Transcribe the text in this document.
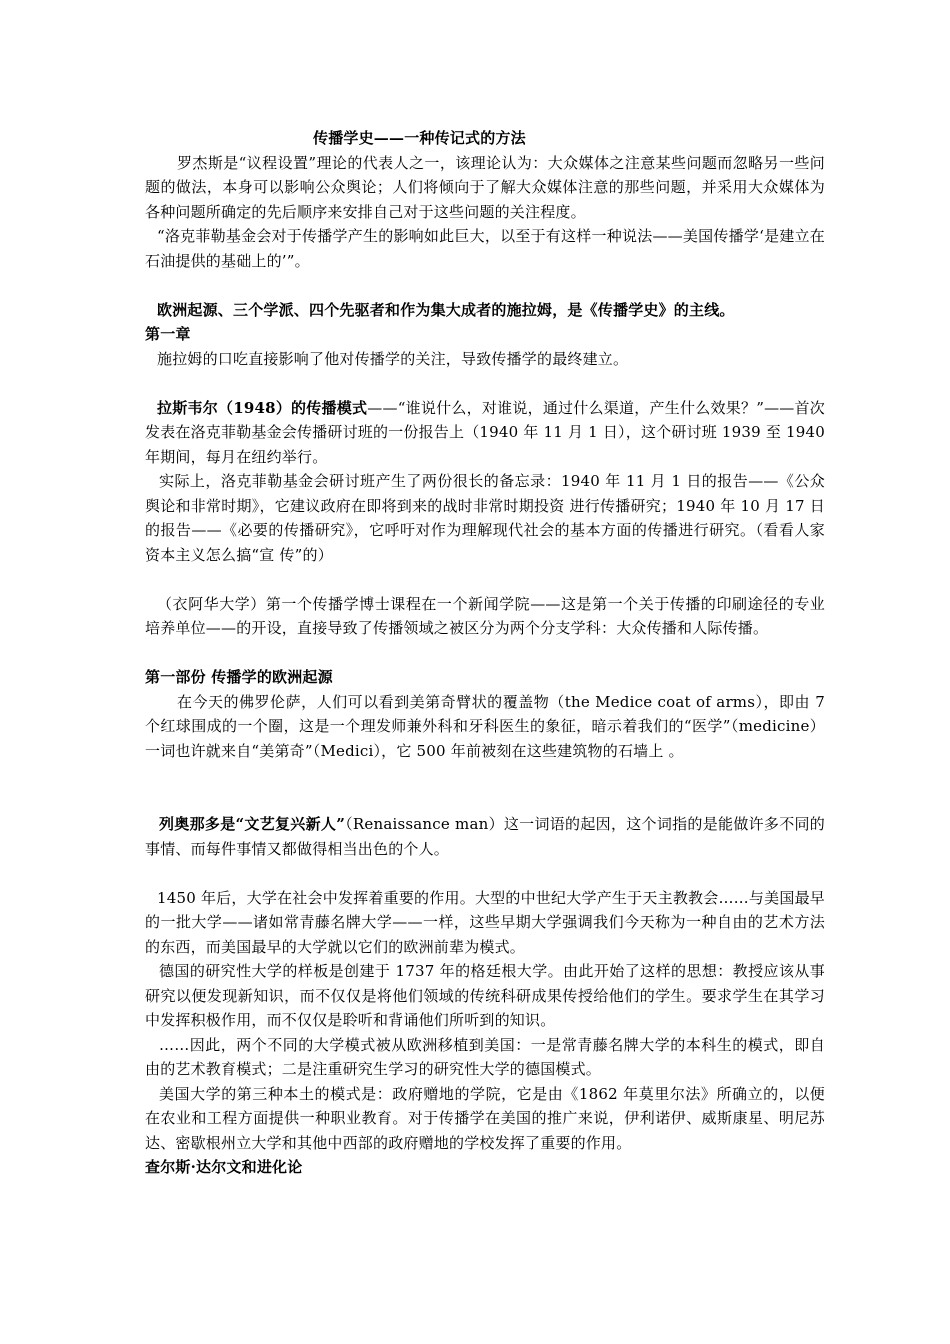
传播学史——一种传记式的方法

罗杰斯是“议程设置”理论的代表人之一，该理论认为：大众媒体之注意某些问题而忽略另一些问题的做法，本身可以影响公众舆论；人们将倾向于了解大众媒体注意的那些问题，并采用大众媒体为各种问题所确定的先后顺序来安排自己对于这些问题的关注程度。

“洛克菲勒基金会对于传播学产生的影响如此巨大，以至于有这样一种说法——美国传播学‘是建立在石油提供的基础上的’”。

欧洲起源、三个学派、四个先驱者和作为集大成者的施拉姆，是《传播学史》的主线。

第一章

施拉姆的口吃直接影响了他对传播学的关注，导致传播学的最终建立。

拉斯韦尔（1948）的传播模式——“谁说什么，对谁说，通过什么渠道，产生什么效果？”——首次发表在洛克菲勒基金会传播研讨班的一份报告上（1940 年 11 月 1 日），这个研讨班 1939 至 1940 年期间，每月在纽约举行。

实际上，洛克菲勒基金会研讨班产生了两份很长的备忘录：1940 年 11 月 1 日的报告——《公众舆论和非常时期》，它建议政府在即将到来的战时非常时期投资 进行传播研究；1940 年 10 月 17 日的报告——《必要的传播研究》，它呼吁对作为理解现代社会的基本方面的传播进行研究。（看看人家资本主义怎么搞“宣 传”的）

（衣阿华大学）第一个传播学博士课程在一个新闻学院——这是第一个关于传播的印刷途径的专业培养单位——的开设，直接导致了传播领域之被区分为两个分支学科：大众传播和人际传播。

第一部份 传播学的欧洲起源

在今天的佛罗伦萨，人们可以看到美第奇臂状的覆盖物（the Medice coat of arms），即由 7 个红球围成的一个圈，这是一个理发师兼外科和牙科医生的象征，暗示着我们的“医学”（medicine）一词也许就来自“美第奇”（Medici），它 500 年前被刻在这些建筑物的石墙上 。

列奥那多是“文艺复兴新人”（Renaissance man）这一词语的起因，这个词指的是能做许多不同的事情、而每件事情又都做得相当出色的个人。

1450 年后，大学在社会中发挥着重要的作用。大型的中世纪大学产生于天主教教会……与美国最早的一批大学——诸如常青藤名牌大学——一样，这些早期大学强调我们今天称为一种自由的艺术方法的东西，而美国最早的大学就以它们的欧洲前辈为模式。

德国的研究性大学的样板是创建于 1737 年的格廷根大学。由此开始了这样的思想：教授应该从事研究以便发现新知识，而不仅仅是将他们领域的传统科研成果传授给他们的学生。要求学生在其学习中发挥积极作用，而不仅仅是聆听和背诵他们所听到的知识。

……因此，两个不同的大学模式被从欧洲移植到美国：一是常青藤名牌大学的本科生的模式，即自由的艺术教育模式；二是注重研究生学习的研究性大学的德国模式。

美国大学的第三种本土的模式是：政府赠地的学院，它是由《1862 年莫里尔法》所确立的，以便在农业和工程方面提供一种职业教育。对于传播学在美国的推广来说，伊利诺伊、威斯康星、明尼苏达、密歇根州立大学和其他中西部的政府赠地的学校发挥了重要的作用。

查尔斯·达尔文和进化论
